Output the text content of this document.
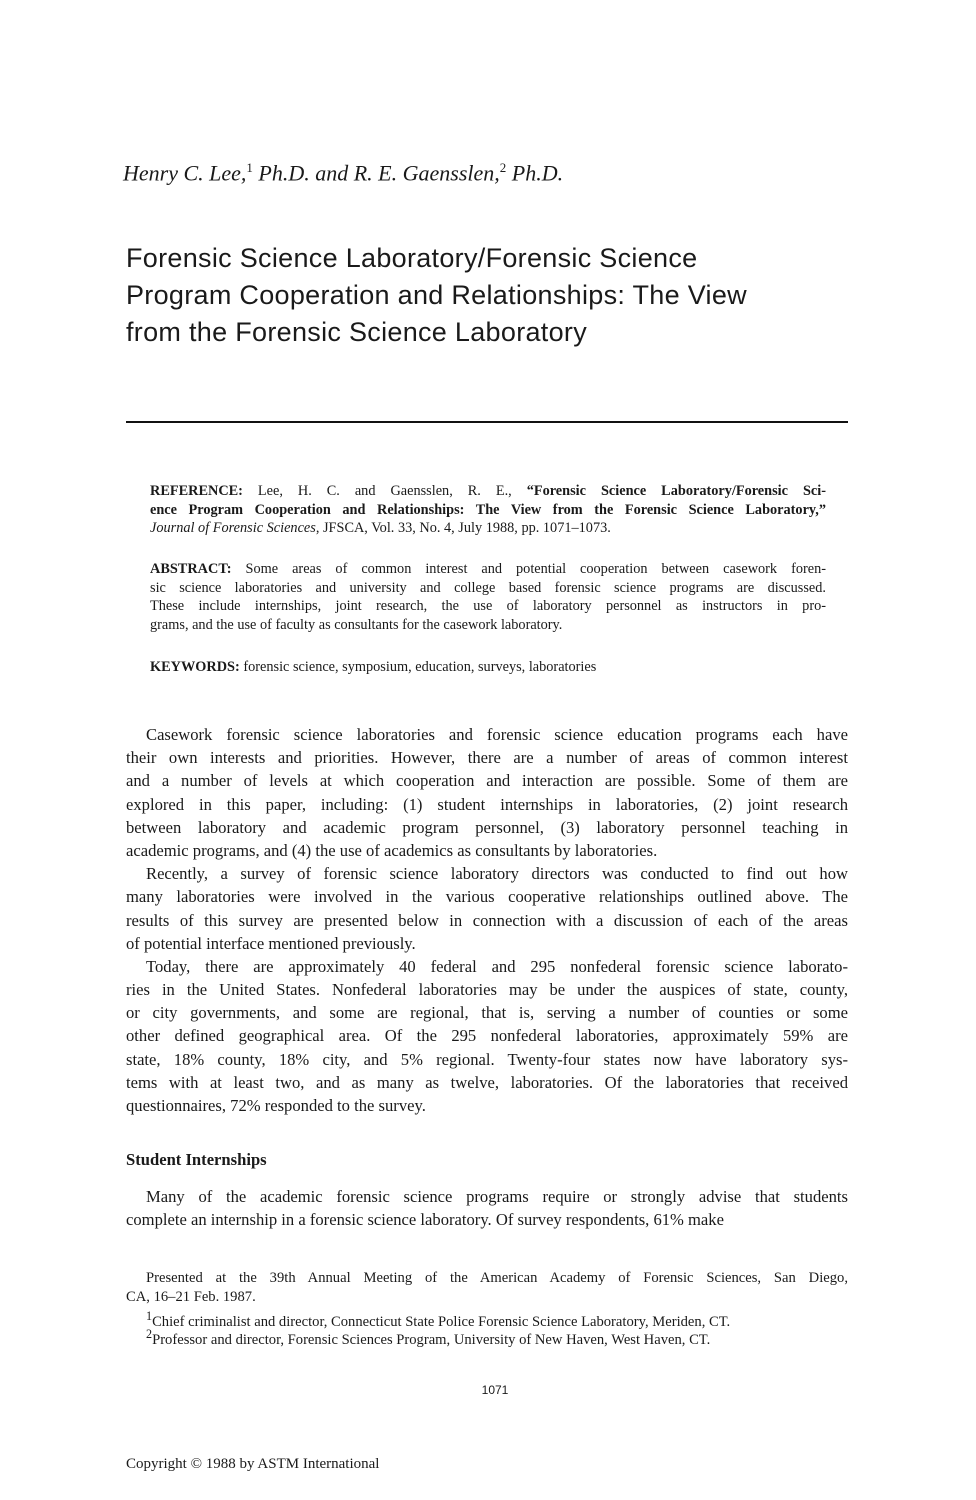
Henry C. Lee,$^1$ Ph.D. and R. E. Gaensslen,$^2$ Ph.D.
Forensic Science Laboratory/Forensic Science
Program Cooperation and Relationships: The View
from the Forensic Science Laboratory
REFERENCE: Lee, H. C. and Gaensslen, R. E., “Forensic Science Laboratory/Forensic Sci-
ence Program Cooperation and Relationships: The View from the Forensic Science Laboratory,”
Journal of Forensic Sciences, JFSCA, Vol. 33, No. 4, July 1988, pp. 1071–1073.
ABSTRACT: Some areas of common interest and potential cooperation between casework foren-
sic science laboratories and university and college based forensic science programs are discussed.
These include internships, joint research, the use of laboratory personnel as instructors in pro-
grams, and the use of faculty as consultants for the casework laboratory.
KEYWORDS: forensic science, symposium, education, surveys, laboratories
Casework forensic science laboratories and forensic science education programs each have
their own interests and priorities. However, there are a number of areas of common interest
and a number of levels at which cooperation and interaction are possible. Some of them are
explored in this paper, including: (1) student internships in laboratories, (2) joint research
between laboratory and academic program personnel, (3) laboratory personnel teaching in
academic programs, and (4) the use of academics as consultants by laboratories.
Recently, a survey of forensic science laboratory directors was conducted to find out how
many laboratories were involved in the various cooperative relationships outlined above. The
results of this survey are presented below in connection with a discussion of each of the areas
of potential interface mentioned previously.
Today, there are approximately 40 federal and 295 nonfederal forensic science laborato-
ries in the United States. Nonfederal laboratories may be under the auspices of state, county,
or city governments, and some are regional, that is, serving a number of counties or some
other defined geographical area. Of the 295 nonfederal laboratories, approximately 59% are
state, 18% county, 18% city, and 5% regional. Twenty-four states now have laboratory sys-
tems with at least two, and as many as twelve, laboratories. Of the laboratories that received
questionnaires, 72% responded to the survey.
Student Internships
Many of the academic forensic science programs require or strongly advise that students
complete an internship in a forensic science laboratory. Of survey respondents, 61% make
Presented at the 39th Annual Meeting of the American Academy of Forensic Sciences, San Diego,
CA, 16–21 Feb. 1987.
$^1$Chief criminalist and director, Connecticut State Police Forensic Science Laboratory, Meriden, CT.
$^2$Professor and director, Forensic Sciences Program, University of New Haven, West Haven, CT.
1071
Copyright © 1988 by ASTM International
